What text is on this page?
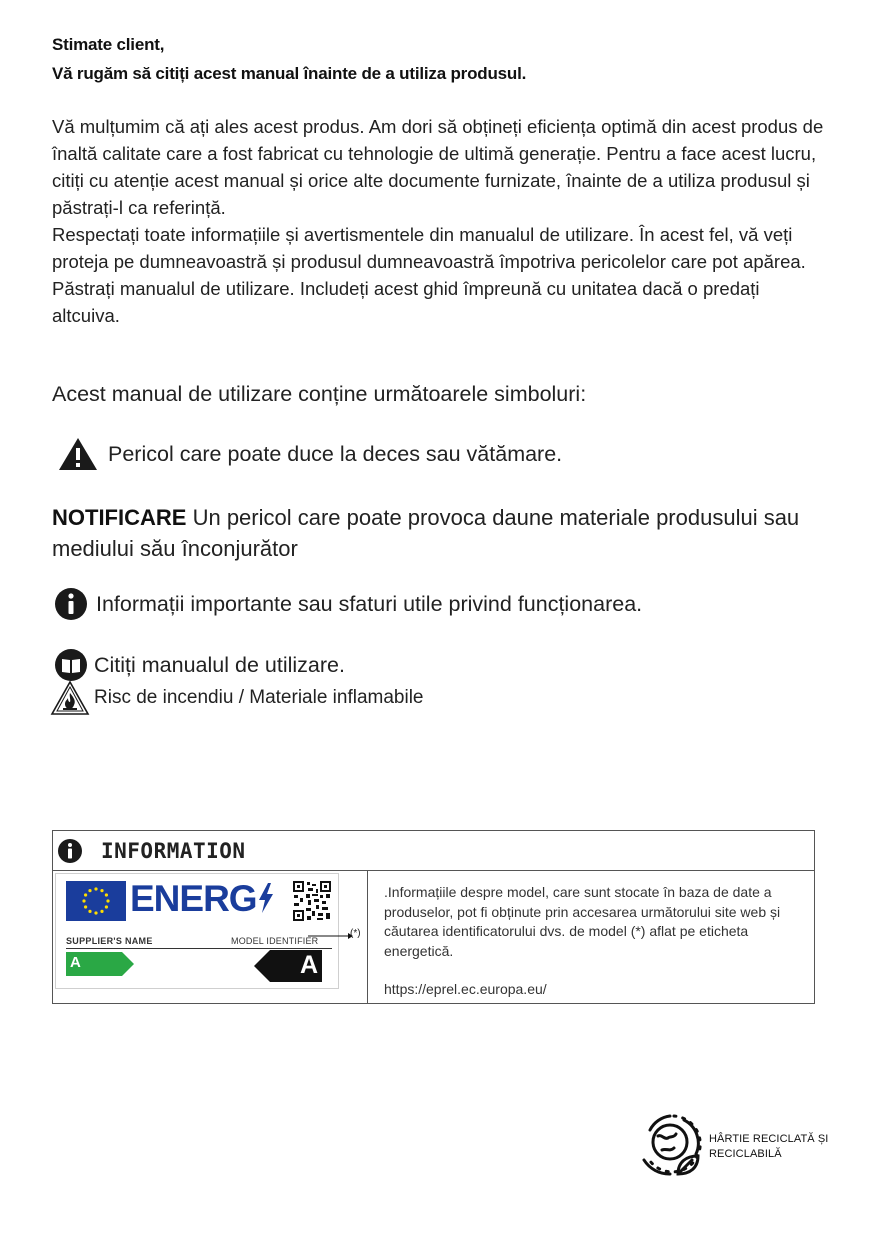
Stimate client,
Vă rugăm să citiți acest manual înainte de a utiliza produsul.

Vă mulțumim că ați ales acest produs. Am dori să obțineți eficiența optimă din acest produs de înaltă calitate care a fost fabricat cu tehnologie de ultimă generație. Pentru a face acest lucru, citiți cu atenție acest manual și orice alte documente furnizate, înainte de a utiliza produsul și păstrați-l ca referință.

Respectați toate informațiile și avertismentele din manualul de utilizare. În acest fel, vă veți proteja pe dumneavoastră și produsul dumneavoastră împotriva pericolelor care pot apărea.

Păstrați manualul de utilizare. Includeți acest ghid împreună cu unitatea dacă o predați altcuiva.

Acest manual de utilizare conține următoarele simboluri:
Pericol care poate duce la deces sau vătămare.
NOTIFICARE Un pericol care poate provoca daune materiale produsului sau mediului său înconjurător
Informații importante sau sfaturi utile privind funcționarea.
Citiți manualul de utilizare.
Risc de incendiu / Materiale inflamabile
INFORMATION
ENERG
SUPPLIER'S NAME	MODEL IDENTIFIER
A	A
(*)
.Informațiile despre model, care sunt stocate în baza de date a produselor, pot fi obținute prin accesarea următorului site web și căutarea identificatorului dvs. de model (*) aflat pe eticheta energetică.
https://eprel.ec.europa.eu/
HÂRTIE RECICLATĂ ȘI
RECICLABILĂ
